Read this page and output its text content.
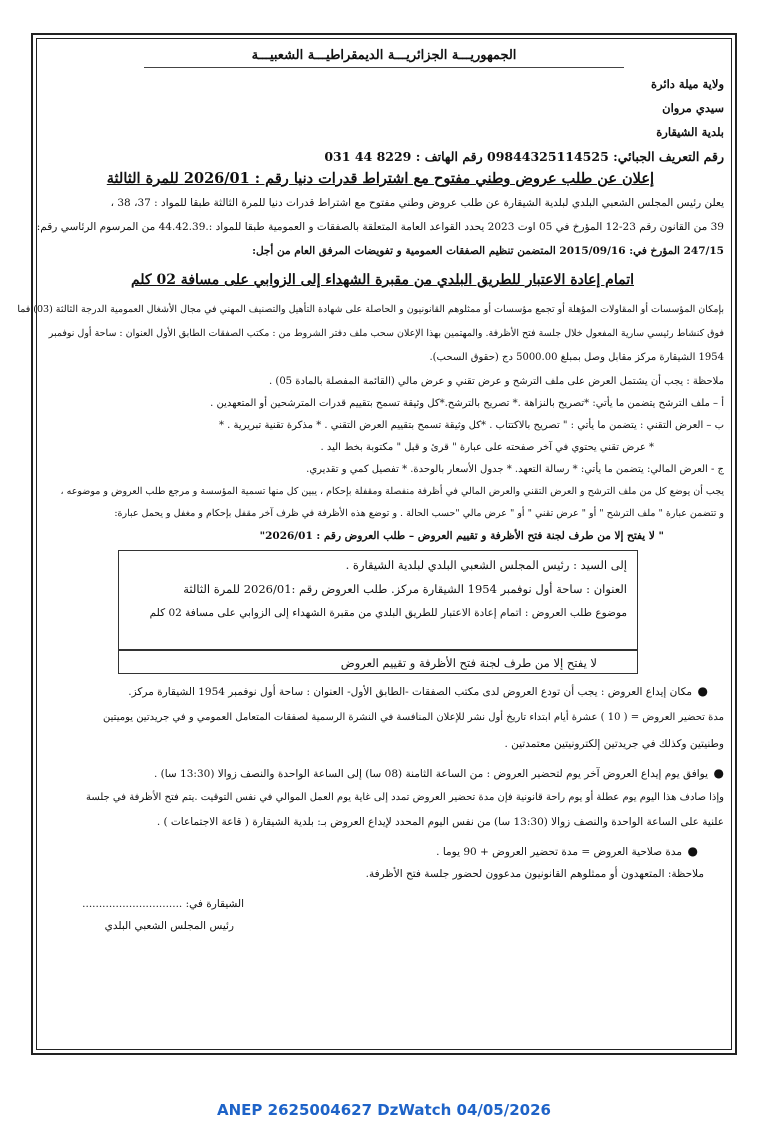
الجمهوريـــة الجزائريـــة الديمقراطيـــة الشعبيـــة
ولاية ميلة دائرة
سيدي مروان
بلدية الشيقارة
رقم التعريف الجبائي: 09844325114525 رقم الهاتف : 8229 44 031
إعلان عن طلب عروض وطني مفتوح مع اشتراط قدرات دنيا رقم : 2026/01 للمرة الثالثة
يعلن رئيس المجلس الشعبي البلدي لبلدية الشيقارة عن طلب عروض وطني مفتوح مع اشتراط قدرات دنيا للمرة الثالثة طبقا للمواد : 37، 38 ،
39 من القانون رقم 23-12 المؤرخ في 05 اوت 2023 يحدد القواعد العامة المتعلقة بالصفقات و العمومية طبقا للمواد :.44.42.39 من المرسوم الرئاسي رقم:
247/15 المؤرخ في: 2015/09/16 المتضمن تنظيم الصفقات العمومية و تفويضات المرفق العام من أجل:
اتمام إعادة الاعتبار للطريق البلدي من مقبرة الشهداء إلى الزوابي على مسافة 02 كلم
بإمكان المؤسسات أو المقاولات المؤهلة أو تجمع مؤسسات أو ممثلوهم القانونيون و الحاصلة على شهادة التأهيل والتصنيف المهني في مجال الأشغال العمومية الدرجة الثالثة (03) فما
فوق كنشاط رئيسي سارية المفعول خلال جلسة فتح الأظرفة. والمهتمين بهذا الإعلان سحب ملف دفتر الشروط من : مكتب الصفقات الطابق الأول العنوان : ساحة أول نوفمبر
1954 الشيقارة مركز مقابل وصل بمبلغ 5000.00 دج (حقوق السحب).
ملاحظة : يجب أن يشتمل العرض على ملف الترشح و عرض تقني و عرض مالي (القائمة المفصلة بالمادة 05) .
أ – ملف الترشح يتضمن ما يأتي: *تصريح بالنزاهة .* تصريح بالترشح.*كل وثيقة تسمح بتقييم قدرات المترشحين أو المتعهدين .
ب – العرض التقني : يتضمن ما يأتي : " تصريح بالاكتتاب . *كل وثيقة تسمح بتقييم العرض التقني . * مذكرة تقنية تبريرية . *
* عرض تقني يحتوي في آخر صفحته على عبارة " قرئ و قبل " مكتوبة بخط اليد .
ج - العرض المالي: يتضمن ما يأتي: * رسالة التعهد. * جدول الأسعار بالوحدة. * تفصيل كمي و تقديري.
يجب أن يوضع كل من ملف الترشح و العرض التقني والعرض المالي في أظرفة منفصلة ومقفلة بإحكام ، يبين كل منها تسمية المؤسسة و مرجع طلب العروض و موضوعه ،
و تتضمن عبارة " ملف الترشح " أو " عرض تقني " أو " عرض مالي "حسب الحالة . و توضع هذه الأظرفة في ظرف آخر مقفل بإحكام و مغفل و يحمل عبارة:
" لا يفتح إلا من طرف لجنة فتح الأظرفة و تقييم العروض – طلب العروض رقم : 2026/01"
إلى السيد : رئيس المجلس الشعبي البلدي لبلدية الشيقارة .
العنوان : ساحة أول نوفمبر 1954 الشيقارة مركز. طلب العروض رقم :2026/01 للمرة الثالثة
موضوع طلب العروض : اتمام إعادة الاعتبار للطريق البلدي من مقبرة الشهداء إلى الزوابي على مسافة 02 كلم
لا يفتح إلا من طرف لجنة فتح الأظرفة و تقييم العروض
●
مكان إيداع العروض : يجب أن تودع العروض لدى مكتب الصفقات -الطابق الأول- العنوان : ساحة أول نوفمبر 1954 الشيقارة مركز.
مدة تحضير العروض = ( 10 ) عشرة أيام ابتداء تاريخ أول نشر للإعلان المنافسة في النشرة الرسمية لصفقات المتعامل العمومي و في جريدتين يوميتين
وطنيتين وكذلك في جريدتين إلكترونيتين معتمدتين .
●
يوافق يوم إيداع العروض آخر يوم لتحضير العروض : من الساعة الثامنة (08 سا) إلى الساعة الواحدة والنصف زوالا (13:30 سا) .
وإذا صادف هذا اليوم يوم عطلة أو يوم راحة قانونية فإن مدة تحضير العروض تمدد إلى غاية يوم العمل الموالي في نفس التوقيت .يتم فتح الأظرفة في جلسة
علنية على الساعة الواحدة والنصف زوالا (13:30 سا) من نفس اليوم المحدد لإيداع العروض بـ: بلدية الشيقارة ( قاعة الاجتماعات ) .
●
مدة صلاحية العروض = مدة تحضير العروض + 90 يوما .
ملاحظة: المتعهدون أو ممثلوهم القانونيون مدعوون لحضور جلسة فتح الأظرفة.
الشيقارة في: ..............................
رئيس المجلس الشعبي البلدي
ANEP 2625004627 DzWatch 04/05/2026
